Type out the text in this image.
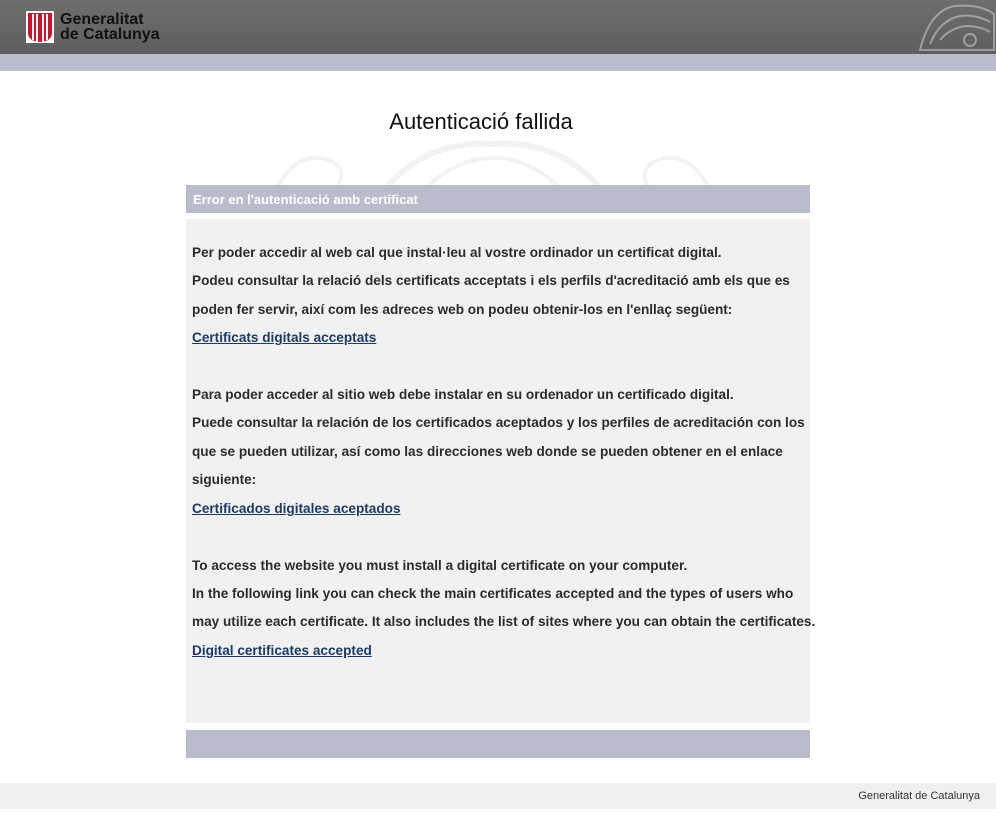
Generalitat
de Catalunya
Autenticació fallida
Error en l'autenticació amb certificat
Per poder accedir al web cal que instal·leu al vostre ordinador un certificat digital.
Podeu consultar la relació dels certificats acceptats i els perfils d'acreditació amb els que es
poden fer servir, així com les adreces web on podeu obtenir-los en l'enllaç següent:
Certificats digitals acceptats
Para poder acceder al sitio web debe instalar en su ordenador un certificado digital.
Puede consultar la relación de los certificados aceptados y los perfiles de acreditación con los
que se pueden utilizar, así como las direcciones web donde se pueden obtener en el enlace
siguiente:
Certificados digitales aceptados
To access the website you must install a digital certificate on your computer.
In the following link you can check the main certificates accepted and the types of users who
may utilize each certificate. It also includes the list of sites where you can obtain the certificates.
Digital certificates accepted
Generalitat de Catalunya
